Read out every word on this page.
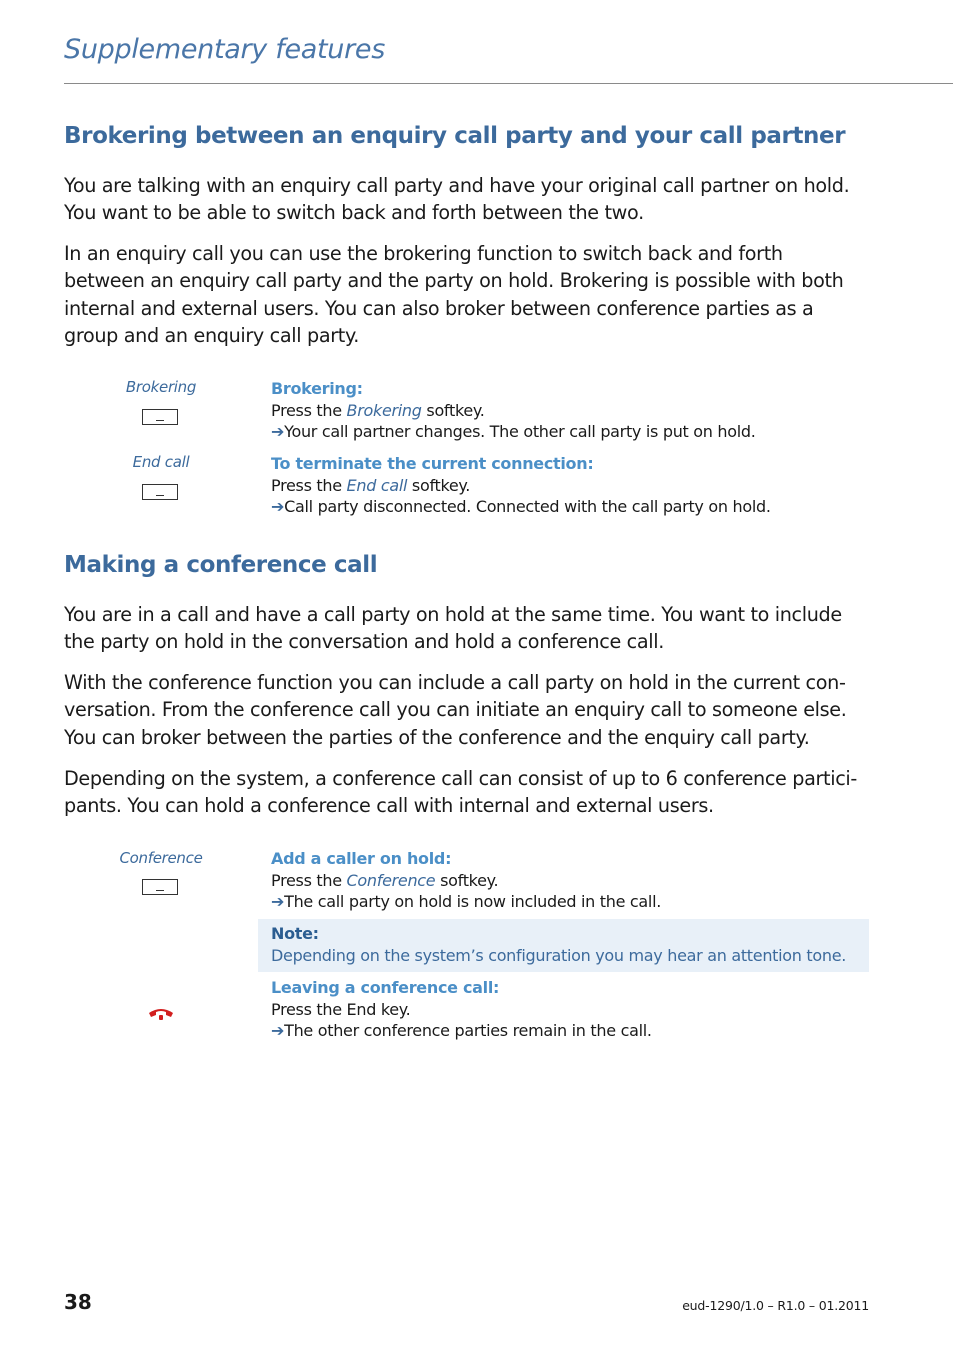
Supplementary features
Brokering between an enquiry call party and your call partner
You are talking with an enquiry call party and have your original call partner on hold.
You want to be able to switch back and forth between the two.
In an enquiry call you can use the brokering function to switch back and forth
between an enquiry call party and the party on hold. Brokering is possible with both
internal and external users. You can also broker between conference parties as a
group and an enquiry call party.
Brokering	Brokering:
Press the Brokering softkey.
➔Your call partner changes. The other call party is put on hold.
End call	To terminate the current connection:
Press the End call softkey.
➔Call party disconnected. Connected with the call party on hold.
Making a conference call
You are in a call and have a call party on hold at the same time. You want to include
the party on hold in the conversation and hold a conference call.
With the conference function you can include a call party on hold in the current con-
versation. From the conference call you can initiate an enquiry call to someone else.
You can broker between the parties of the conference and the enquiry call party.
Depending on the system, a conference call can consist of up to 6 conference partici-
pants. You can hold a conference call with internal and external users.
Conference	Add a caller on hold:
Press the Conference softkey.
➔The call party on hold is now included in the call.
Note:
Depending on the system’s configuration you may hear an attention tone.
Leaving a conference call:
Press the End key.
➔The other conference parties remain in the call.
38	eud-1290/1.0 – R1.0 – 01.2011
